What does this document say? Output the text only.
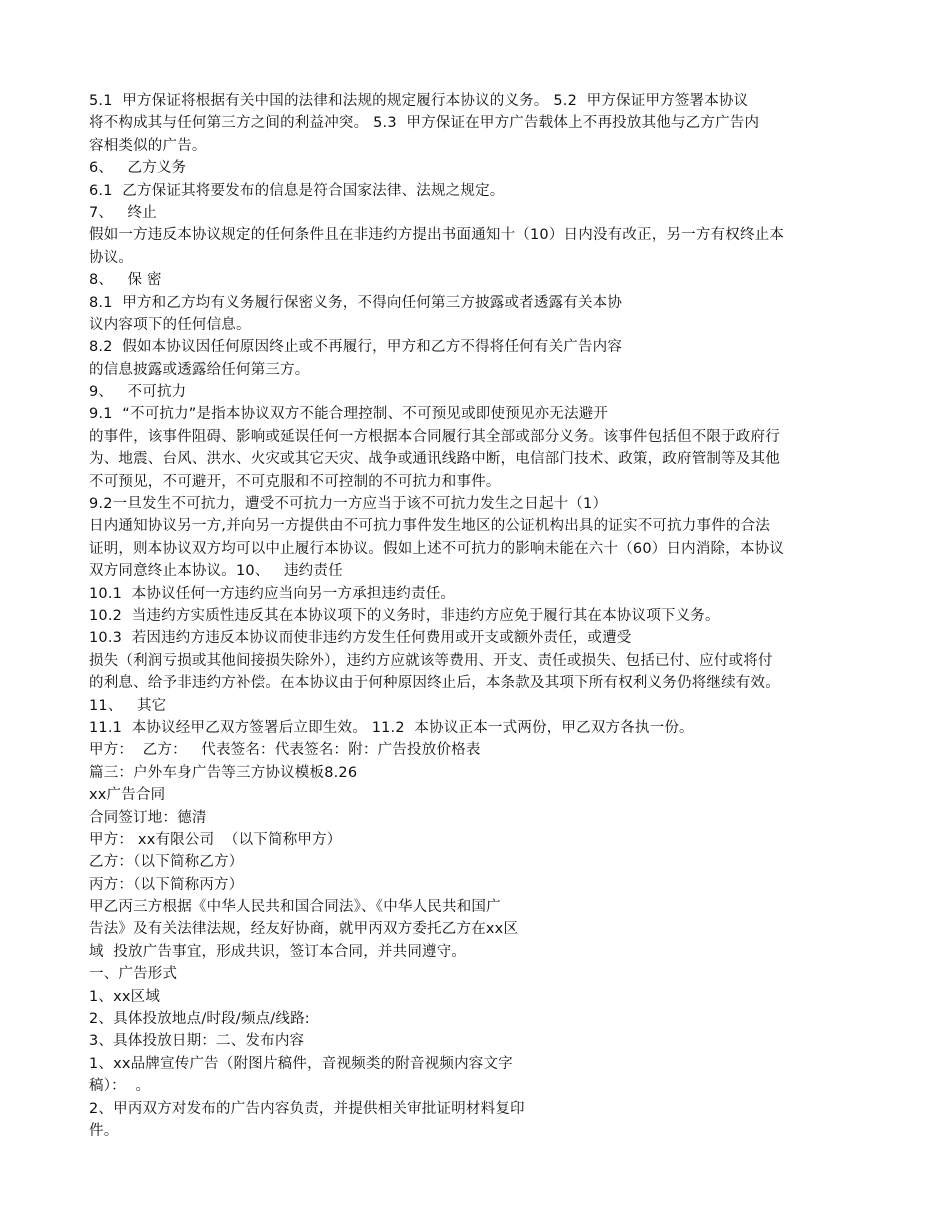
5.1  甲方保证将根据有关中国的法律和法规的规定履行本协议的义务。 5.2  甲方保证甲方签署本协议
将不构成其与任何第三方之间的利益冲突。 5.3  甲方保证在甲方广告载体上不再投放其他与乙方广告内
容相类似的广告。
6、   乙方义务
6.1  乙方保证其将要发布的信息是符合国家法律、法规之规定。
7、   终止
假如一方违反本协议规定的任何条件且在非违约方提出书面通知十（10）日内没有改正，另一方有权终止本
协议。
8、   保 密
8.1  甲方和乙方均有义务履行保密义务，不得向任何第三方披露或者透露有关本协
议内容项下的任何信息。
8.2  假如本协议因任何原因终止或不再履行，甲方和乙方不得将任何有关广告内容
的信息披露或透露给任何第三方。
9、   不可抗力
9.1  “不可抗力”是指本协议双方不能合理控制、不可预见或即使预见亦无法避开
的事件，该事件阻碍、影响或延误任何一方根据本合同履行其全部或部分义务。该事件包括但不限于政府行
为、地震、台风、洪水、火灾或其它天灾、战争或通讯线路中断，电信部门技术、政策，政府管制等及其他
不可预见，不可避开，不可克服和不可控制的不可抗力和事件。
9.2一旦发生不可抗力，遭受不可抗力一方应当于该不可抗力发生之日起十（1）
日内通知协议另一方,并向另一方提供由不可抗力事件发生地区的公证机构出具的证实不可抗力事件的合法
证明，则本协议双方均可以中止履行本协议。假如上述不可抗力的影响未能在六十（60）日内消除，本协议
双方同意终止本协议。10、   违约责任
10.1  本协议任何一方违约应当向另一方承担违约责任。
10.2  当违约方实质性违反其在本协议项下的义务时，非违约方应免于履行其在本协议项下义务。
10.3  若因违约方违反本协议而使非违约方发生任何费用或开支或额外责任，或遭受
损失（利润亏损或其他间接损失除外），违约方应就该等费用、开支、责任或损失、包括已付、应付或将付
的利息、给予非违约方补偿。在本协议由于何种原因终止后，本条款及其项下所有权利义务仍将继续有效。
11、   其它
11.1  本协议经甲乙双方签署后立即生效。 11.2  本协议正本一式两份，甲乙双方各执一份。
甲方：  乙方：   代表签名：代表签名：附：广告投放价格表
篇三：户外车身广告等三方协议模板8.26
xx广告合同
合同签订地：德清
甲方： xx有限公司  （以下简称甲方）
乙方：（以下简称乙方）
丙方：（以下简称丙方）
甲乙丙三方根据《中华人民共和国合同法》、《中华人民共和国广
告法》及有关法律法规，经友好协商，就甲丙双方委托乙方在xx区
域  投放广告事宜，形成共识，签订本合同，并共同遵守。
一、广告形式
1、xx区域
2、具体投放地点/时段/频点/线路:
3、具体投放日期：二、发布内容
1、xx品牌宣传广告（附图片稿件，音视频类的附音视频内容文字
稿）：  。
2、甲丙双方对发布的广告内容负责，并提供相关审批证明材料复印
件。
